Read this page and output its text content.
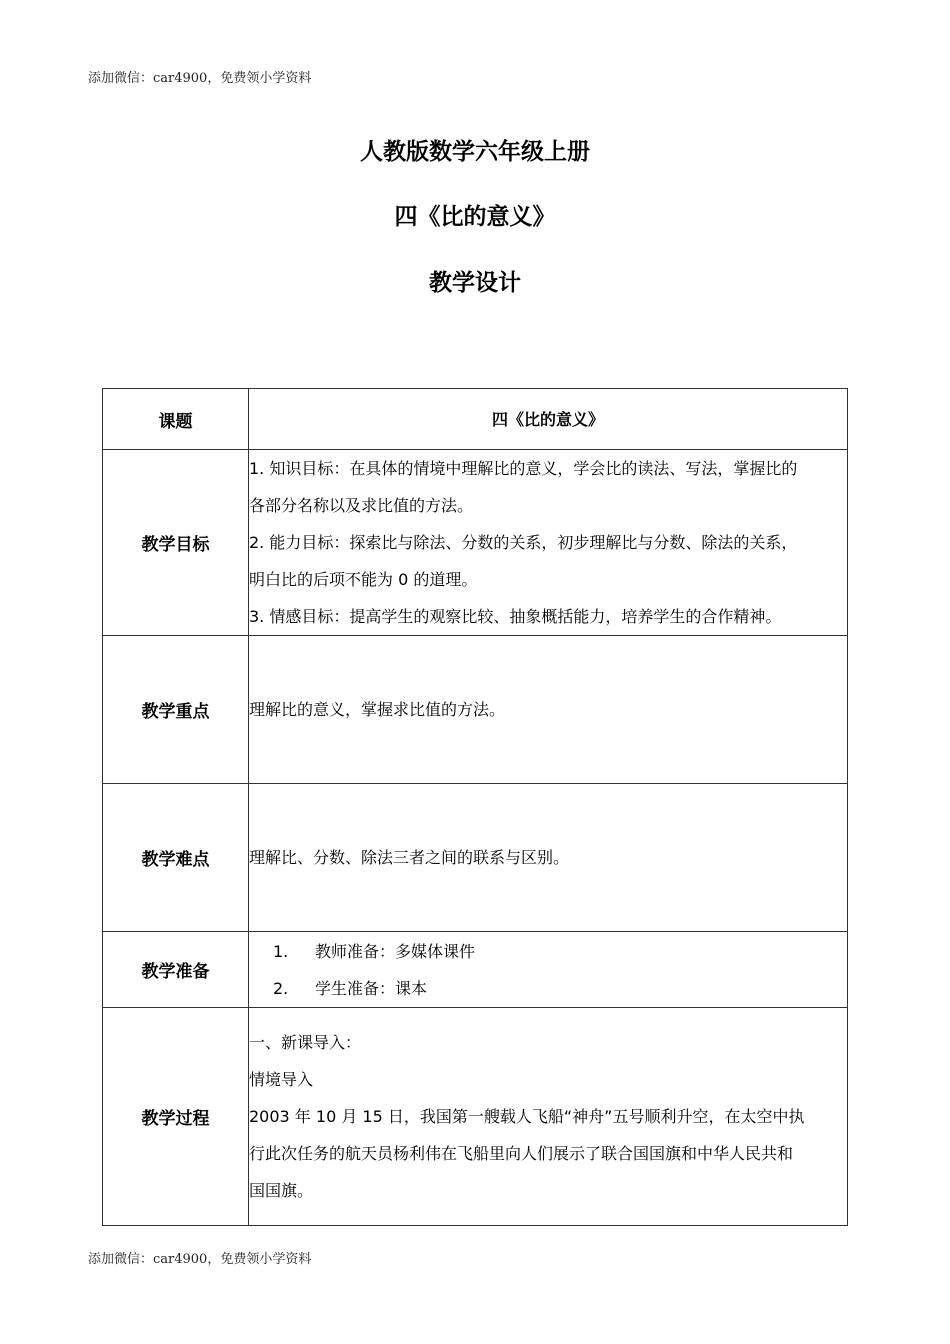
添加微信：car4900，免费领小学资料
人教版数学六年级上册
四《比的意义》
教学设计
课题	四《比的意义》
教学目标	1. 知识目标：在具体的情境中理解比的意义，学会比的读法、写法，掌握比的
各部分名称以及求比值的方法。
2. 能力目标：探索比与除法、分数的关系，初步理解比与分数、除法的关系，
明白比的后项不能为 0 的道理。
3. 情感目标：提高学生的观察比较、抽象概括能力，培养学生的合作精神。

教学重点	理解比的意义，掌握求比值的方法。
教学难点	理解比、分数、除法三者之间的联系与区别。
教学准备	1. 教师准备：多媒体课件
2. 学生准备：课本

教学过程	一、新课导入：
情境导入
2003 年 10 月 15 日，我国第一艘载人飞船“神舟”五号顺利升空，在太空中执
行此次任务的航天员杨利伟在飞船里向人们展示了联合国国旗和中华人民共和
国国旗。
添加微信：car4900，免费领小学资料
